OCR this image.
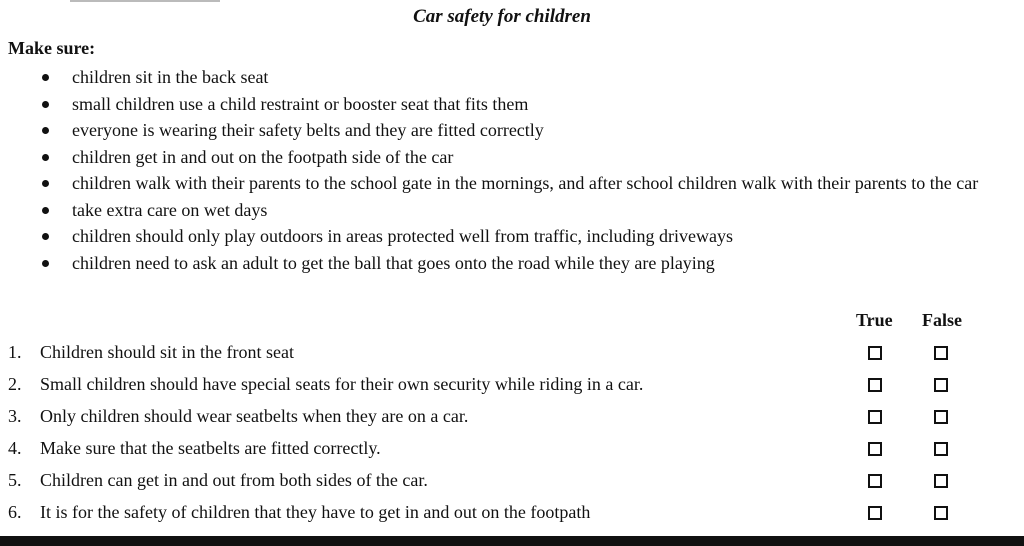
Car safety for children
Make sure:
children sit in the back seat
small children use a child restraint or booster seat that fits them
everyone is wearing their safety belts and they are fitted correctly
children get in and out on the footpath side of the car
children walk with their parents to the school gate in the mornings, and after school children walk with their parents to the car
take extra care on wet days
children should only play outdoors in areas protected well from traffic, including driveways
children need to ask an adult to get the ball that goes onto the road while they are playing
True False
1. Children should sit in the front seat
2. Small children should have special seats for their own security while riding in a car.
3. Only children should wear seatbelts when they are on a car.
4. Make sure that the seatbelts are fitted correctly.
5. Children can get in and out from both sides of the car.
6. It is for the safety of children that they have to get in and out on the footpath
